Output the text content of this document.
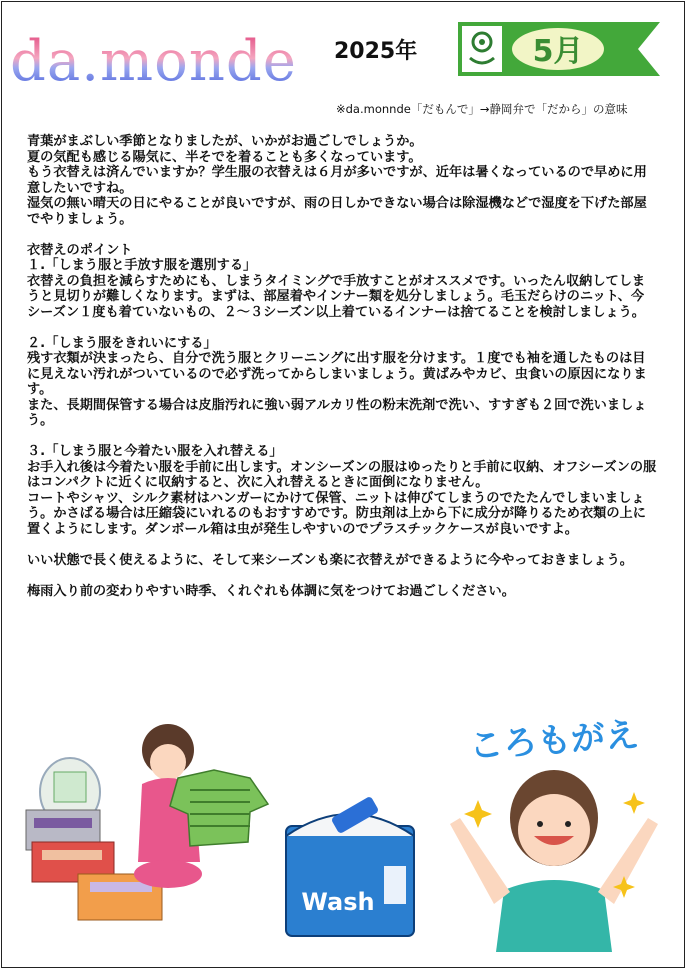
da.monde 2025年	5月
※da.monnde「だもんで」→静岡弁で「だから」の意味

青葉がまぶしい季節となりましたが、いかがお過ごしでしょうか。

夏の気配も感じる陽気に、半そでを着ることも多くなっています。

もう衣替えは済んでいますか？学生服の衣替えは６月が多いですが、近年は暑くなっているので早めに用意したいですね。

湿気の無い晴天の日にやることが良いですが、雨の日しかできない場合は除湿機などで湿度を下げた部屋でやりましょう。

衣替えのポイント

１.「しまう服と手放す服を選別する」

衣替えの負担を減らすためにも、しまうタイミングで手放すことがオススメです。いったん収納してしまうと見切りが難しくなります。まずは、部屋着やインナー類を処分しましょう。毛玉だらけのニット、今シーズン１度も着ていないもの、２～３シーズン以上着ているインナーは捨てることを検討しましょう。

２.「しまう服をきれいにする」

残す衣類が決まったら、自分で洗う服とクリーニングに出す服を分けます。１度でも袖を通したものは目に見えない汚れがついているので必ず洗ってからしまいましょう。黄ばみやカビ、虫食いの原因になります。

また、長期間保管する場合は皮脂汚れに強い弱アルカリ性の粉末洗剤で洗い、すすぎも２回で洗いましょう。

３.「しまう服と今着たい服を入れ替える」

お手入れ後は今着たい服を手前に出します。オンシーズンの服はゆったりと手前に収納、オフシーズンの服はコンパクトに近くに収納すると、次に入れ替えるときに面倒になりません。

コートやシャツ、シルク素材はハンガーにかけて保管、ニットは伸びてしまうのでたたんでしまいましょう。かさばる場合は圧縮袋にいれるのもおすすめです。防虫剤は上から下に成分が降りるため衣類の上に置くようにします。ダンボール箱は虫が発生しやすいのでプラスチックケースが良いですよ。

いい状態で長く使えるように、そして来シーズンも楽に衣替えができるように今やっておきましょう。

梅雨入り前の変わりやすい時季、くれぐれも体調に気をつけてお過ごしください。

Wash
ころもがえ
